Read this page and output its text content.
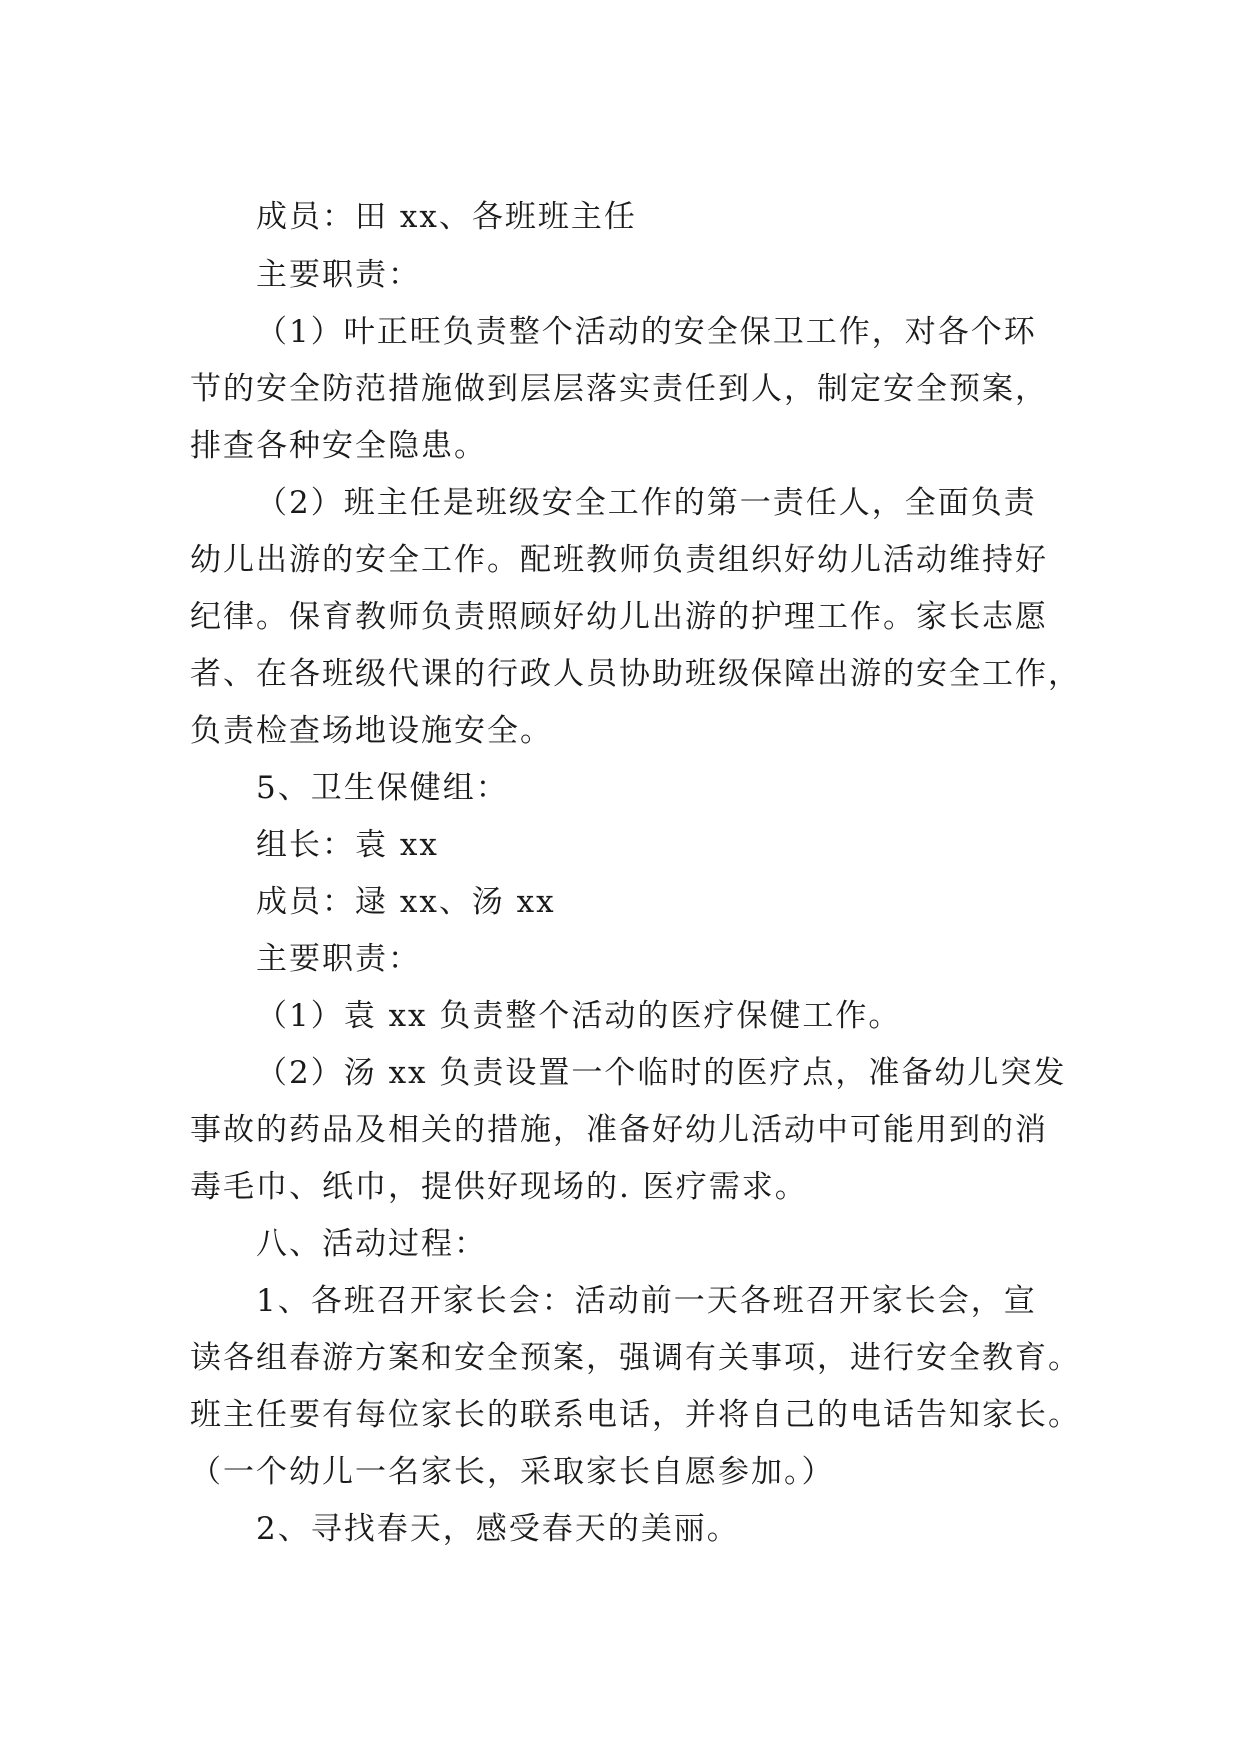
成员：田 xx、各班班主任

主要职责：

（1）叶正旺负责整个活动的安全保卫工作，对各个环

节的安全防范措施做到层层落实责任到人，制定安全预案，

排查各种安全隐患。

（2）班主任是班级安全工作的第一责任人，全面负责

幼儿出游的安全工作。配班教师负责组织好幼儿活动维持好

纪律。保育教师负责照顾好幼儿出游的护理工作。家长志愿

者、在各班级代课的行政人员协助班级保障出游的安全工作，

负责检查场地设施安全。

5、卫生保健组：

组长：袁 xx

成员：逯 xx、汤 xx

主要职责：

（1）袁 xx 负责整个活动的医疗保健工作。

（2）汤 xx 负责设置一个临时的医疗点，准备幼儿突发

事故的药品及相关的措施，准备好幼儿活动中可能用到的消

毒毛巾、纸巾，提供好现场的. 医疗需求。

八、活动过程：

1、各班召开家长会：活动前一天各班召开家长会，宣

读各组春游方案和安全预案，强调有关事项，进行安全教育。

班主任要有每位家长的联系电话，并将自己的电话告知家长。

（一个幼儿一名家长，采取家长自愿参加。）

2、寻找春天，感受春天的美丽。
